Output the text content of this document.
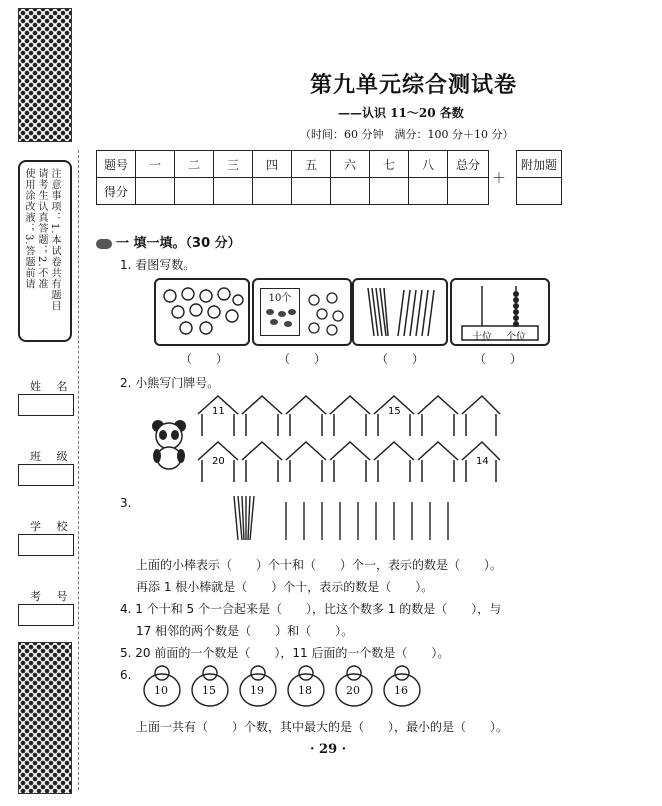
注意事项：1.本试卷共有题目
请考生认真答题；2.不准
使用涂改液；3.答题前请
姓 名
班 级
学 校
考 号
第九单元综合测试卷
——认识 11～20 各数
（时间：60 分钟　满分：100 分＋10 分）
题号	一	二	三	四	五	六	七	八	总分
得分									
＋
附加题

一 填一填。（30 分）
1. 看图写数。
10个
十位 个位
（　　）	（　　）	（　　）	（　　）
2. 小熊写门牌号。
11	15
20	14
3.
上面的小棒表示（　　）个十和（　　）个一，表示的数是（　　）。
再添 1 根小棒就是（　　）个十，表示的数是（　　）。
4. 1 个十和 5 个一合起来是（　　），比这个数多 1 的数是（　　），与
17 相邻的两个数是（　　）和（　　）。
5. 20 前面的一个数是（　　），11 后面的一个数是（　　）。
6.
10	15	19	18	20	16
上面一共有（　　）个数，其中最大的是（　　），最小的是（　　）。
· 29 ·
